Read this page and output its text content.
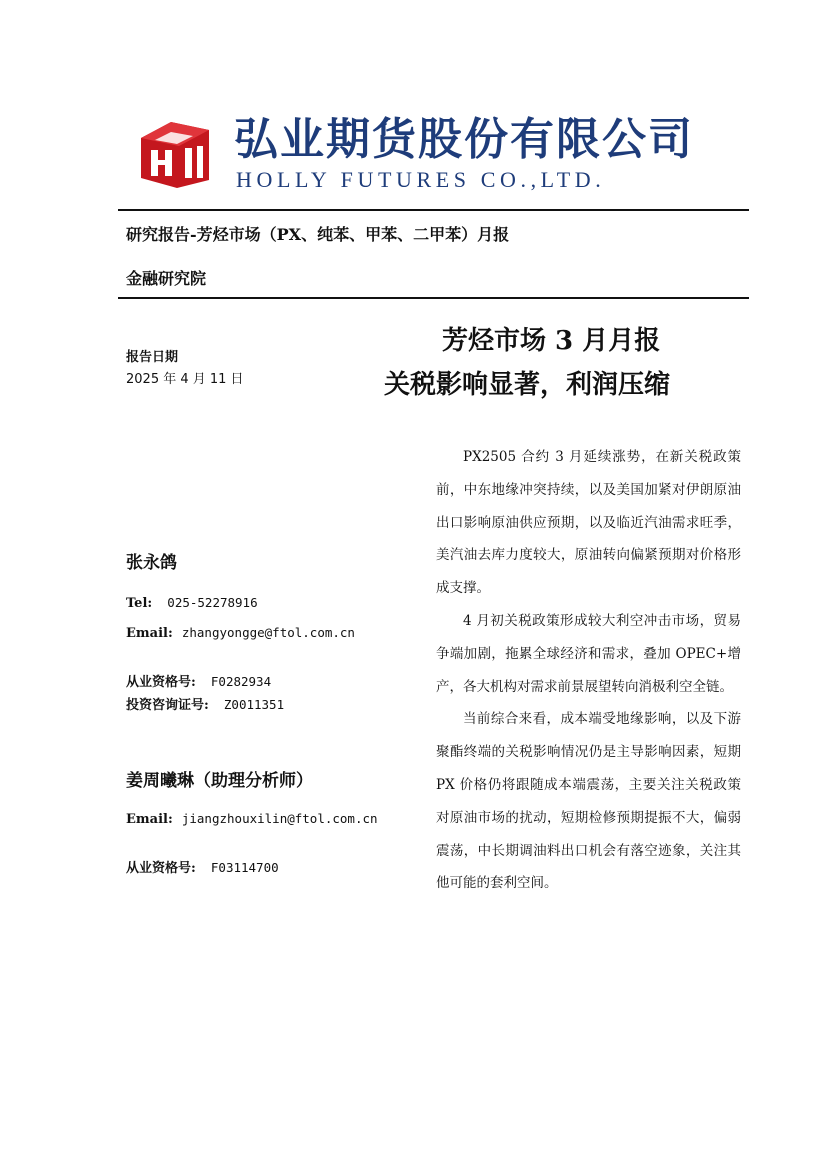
弘业期货股份有限公司
HOLLY FUTURES CO.,LTD.
研究报告-芳烃市场（PX、纯苯、甲苯、二甲苯）月报
金融研究院
芳烃市场 3 月月报
关税影响显著，利润压缩
报告日期
2025 年 4 月 11 日
张永鸽
Tel: 025-52278916
Email: zhangyongge@ftol.com.cn
从业资格号: F0282934
投资咨询证号: Z0011351
姜周曦琳（助理分析师）
Email: jiangzhouxilin@ftol.com.cn
从业资格号: F03114700

PX2505 合约 3 月延续涨势，在新关税政策前，中东地缘冲突持续，以及美国加紧对伊朗原油出口影响原油供应预期，以及临近汽油需求旺季，美汽油去库力度较大，原油转向偏紧预期对价格形成支撑。

4 月初关税政策形成较大利空冲击市场，贸易争端加剧，拖累全球经济和需求，叠加 OPEC+增产，各大机构对需求前景展望转向消极利空全链。

当前综合来看，成本端受地缘影响，以及下游聚酯终端的关税影响情况仍是主导影响因素，短期 PX 价格仍将跟随成本端震荡，主要关注关税政策对原油市场的扰动，短期检修预期提振不大，偏弱震荡，中长期调油料出口机会有落空迹象，关注其他可能的套利空间。
